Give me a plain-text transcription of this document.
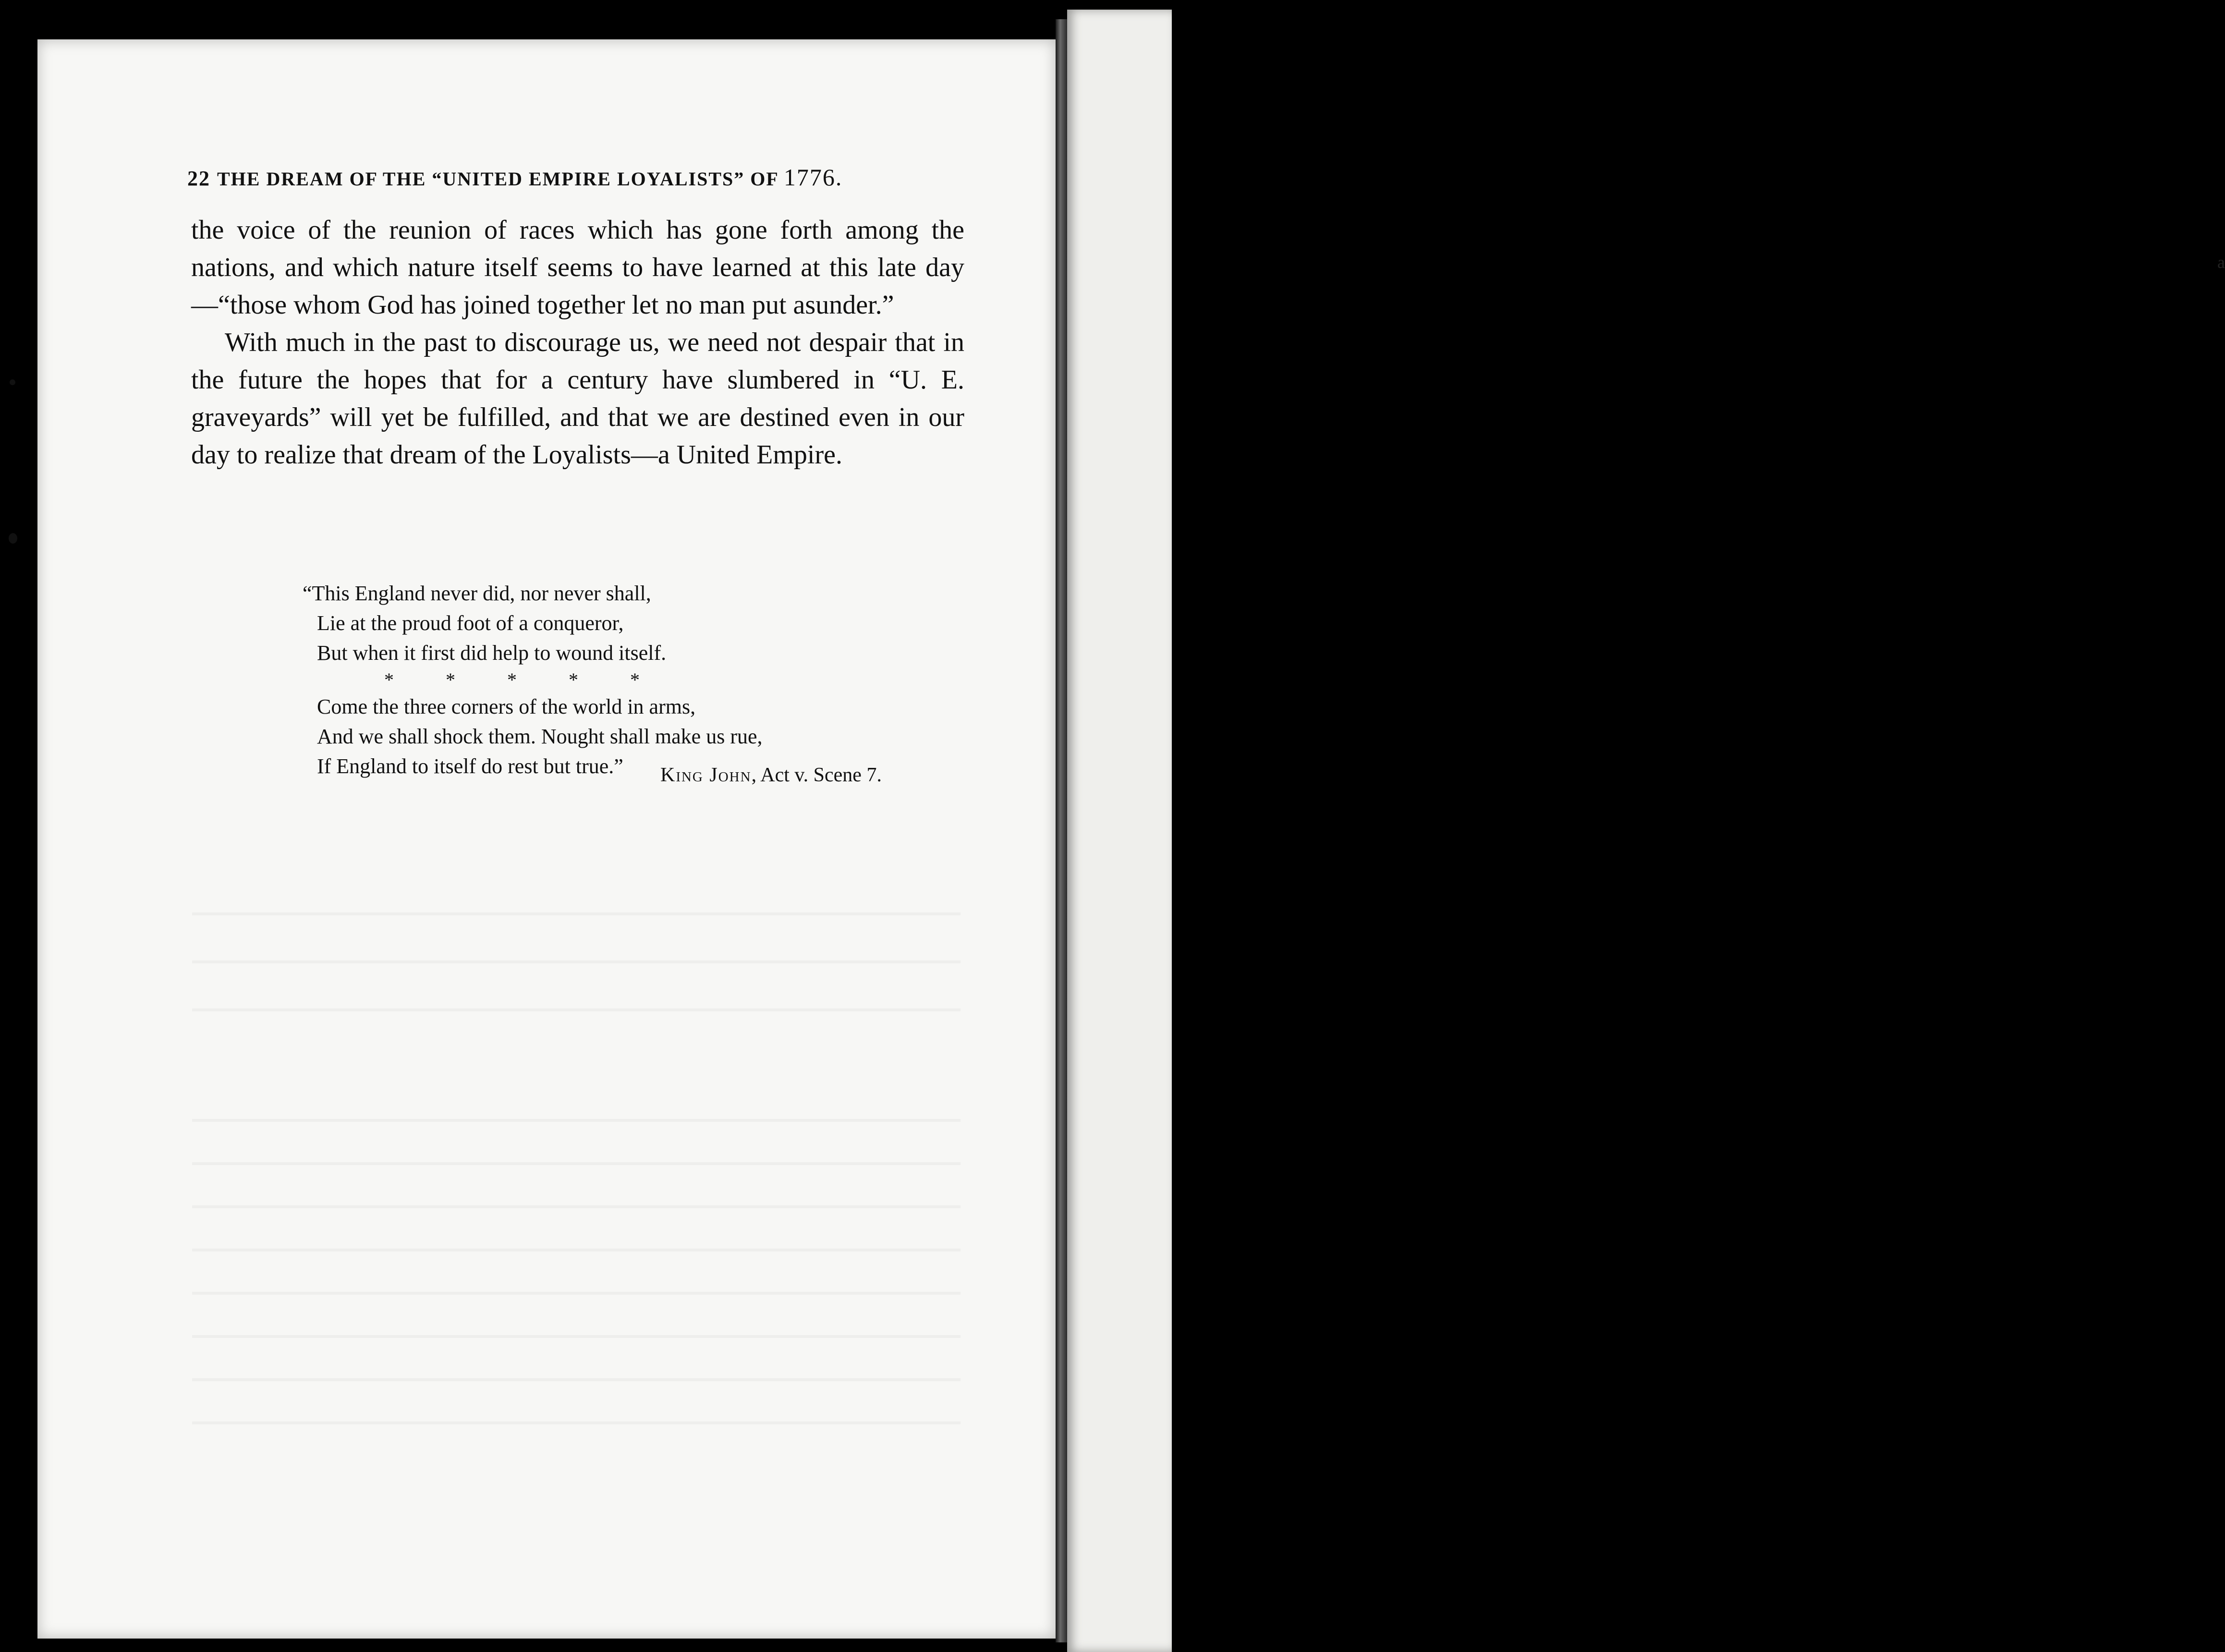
a
22 THE DREAM OF THE “UNITED EMPIRE LOYALISTS” OF 1776.

the voice of the reunion of races which has gone forth among the nations, and which nature itself seems to have learned at this late day—“those whom God has joined together let no man put asunder.”

With much in the past to discourage us, we need not despair that in the future the hopes that for a century have slumbered in “U. E. graveyards” will yet be fulfilled, and that we are destined even in our day to realize that dream of the Loyalists—a United Empire.

“This England never did, nor never shall,
Lie at the proud foot of a conqueror,
But when it first did help to wound itself.
*	*	*	*	*
Come the three corners of the world in arms,
And we shall shock them. Nought shall make us rue,
If England to itself do rest but true.”	King John, Act v. Scene 7.
